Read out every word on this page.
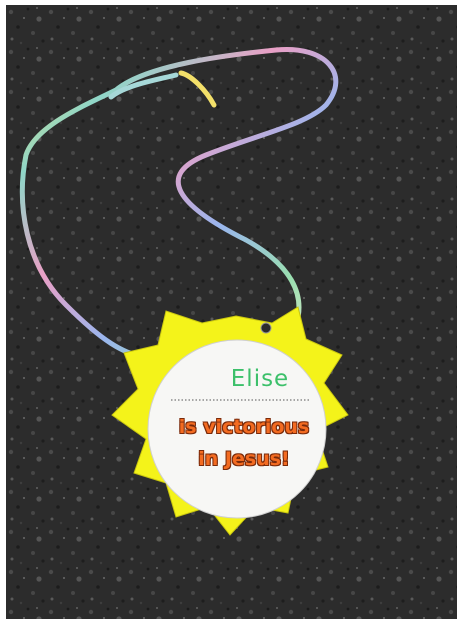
Elise
is victorious
in Jesus!
